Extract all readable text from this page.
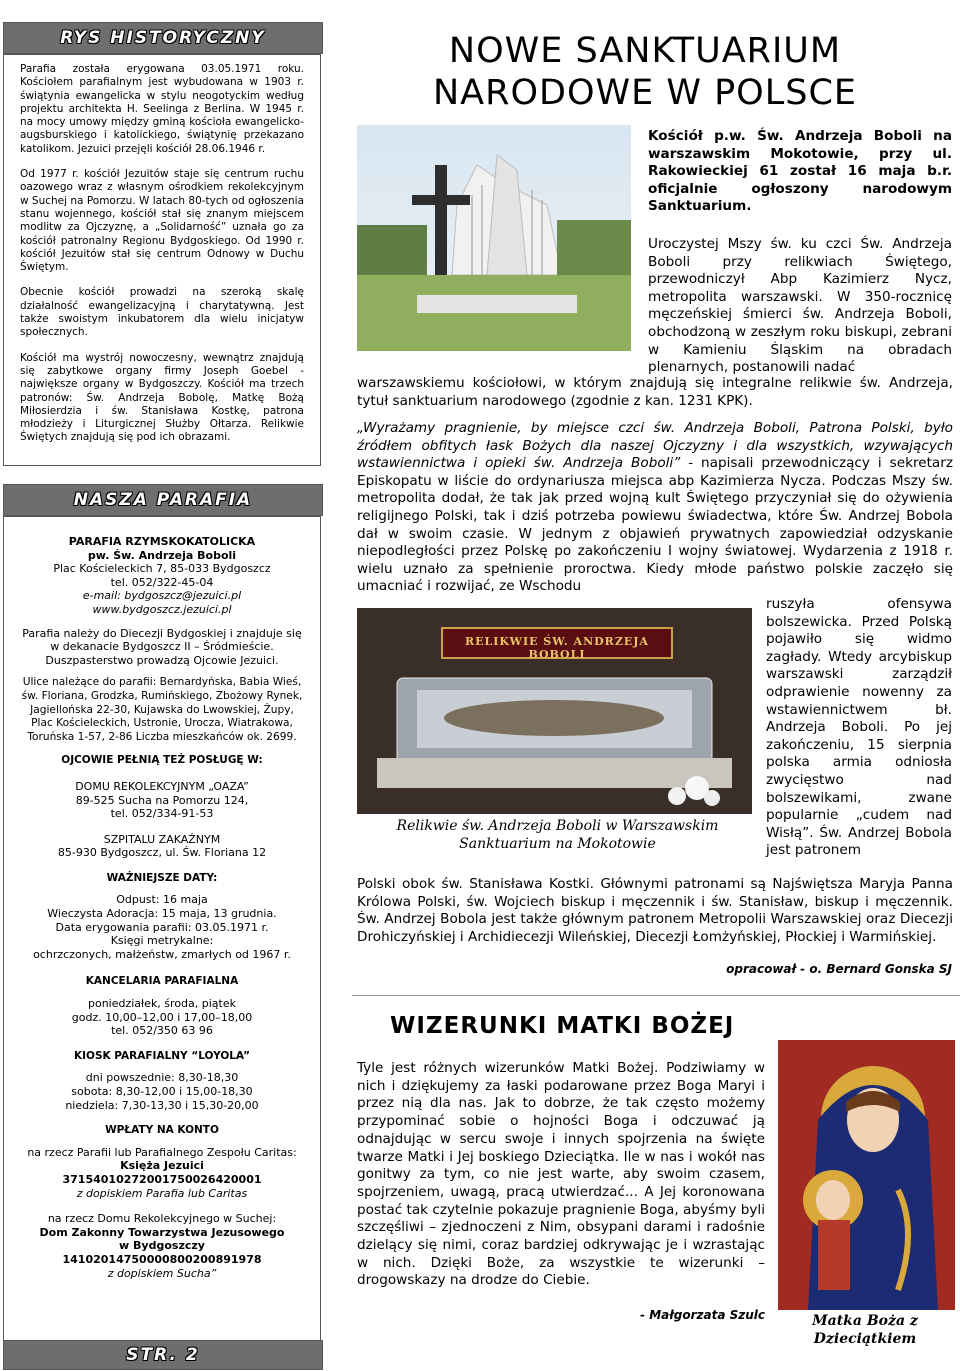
RYS HISTORYCZNY

Parafia została erygowana 03.05.1971 roku. Kościołem parafialnym jest wybudowana w 1903 r. świątynia ewangelicka w stylu neogotyckim według projektu architekta H. Seelinga z Berlina. W 1945 r. na mocy umowy między gminą kościoła ewangelicko-augsburskiego i katolickiego, świątynię przekazano katolikom. Jezuici przejęli kościół 28.06.1946 r.

Od 1977 r. kościół Jezuitów staje się centrum ruchu oazowego wraz z własnym ośrodkiem rekolekcyjnym w Suchej na Pomorzu. W latach 80-tych od ogłoszenia stanu wojennego, kościół stał się znanym miejscem modlitw za Ojczyznę, a „Solidarność” uznała go za kościół patronalny Regionu Bydgoskiego. Od 1990 r. kościół Jezuitów stał się centrum Odnowy w Duchu Świętym.

Obecnie kościół prowadzi na szeroką skalę działalność ewangelizacyjną i charytatywną. Jest także swoistym inkubatorem dla wielu inicjatyw społecznych.

Kościół ma wystrój nowoczesny, wewnątrz znajdują się zabytkowe organy firmy Joseph Goebel - największe organy w Bydgoszczy. Kościół ma trzech patronów: Św. Andrzeja Bobolę, Matkę Bożą Miłosierdzia i św. Stanisława Kostkę, patrona młodzieży i Liturgicznej Służby Ołtarza. Relikwie Świętych znajdują się pod ich obrazami.

NASZA PARAFIA
PARAFIA RZYMSKOKATOLICKA
pw. Św. Andrzeja Boboli
Plac Kościeleckich 7, 85-033 Bydgoszcz
tel. 052/322-45-04
e-mail: bydgoszcz@jezuici.pl
www.bydgoszcz.jezuici.pl

Parafia należy do Diecezji Bydgoskiej i znajduje się w dekanacie Bydgoszcz II – Śródmieście. Duszpasterstwo prowadzą Ojcowie Jezuici.

Ulice należące do parafii: Bernardyńska, Babia Wieś, św. Floriana, Grodzka, Rumińskiego, Zbożowy Rynek, Jagiellońska 22-30, Kujawska do Lwowskiej, Żupy, Plac Kościeleckich, Ustronie, Urocza, Wiatrakowa, Toruńska 1-57, 2-86 Liczba mieszkańców ok. 2699.

OJCOWIE PEŁNIĄ TEŻ POSŁUGĘ W:
DOMU REKOLEKCYJNYM „OAZA”
89-525 Sucha na Pomorzu 124,
tel. 052/334-91-53
SZPITALU ZAKAŹNYM
85-930 Bydgoszcz, ul. Św. Floriana 12
WAŻNIEJSZE DATY:
Odpust: 16 maja
Wieczysta Adoracja: 15 maja, 13 grudnia.
Data erygowania parafii: 03.05.1971 r.
Księgi metrykalne:
ochrzczonych, małżeństw, zmarłych od 1967 r.
KANCELARIA PARAFIALNA
poniedziałek, środa, piątek
godz. 10,00–12,00 i 17,00–18,00
tel. 052/350 63 96
KIOSK PARAFIALNY “LOYOLA”
dni powszednie: 8,30-18,30
sobota: 8,30-12,00 i 15,00-18,30
niedziela: 7,30-13,30 i 15,30-20,00
WPŁATY NA KONTO
na rzecz Parafii lub Parafialnego Zespołu Caritas:
Księża Jezuici
37154010272001750026420001
z dopiskiem Parafia lub Caritas
na rzecz Domu Rekolekcyjnego w Suchej:
Dom Zakonny Towarzystwa Jezusowego
w Bydgoszczy
14102014750000800200891978
z dopiskiem Sucha”
STR. 2
NOWE SANKTUARIUM
NARODOWE W POLSCE
Kościół p.w. Św. Andrzeja Boboli na warszawskim Mokotowie, przy ul. Rakowieckiej 61 został 16 maja b.r. oficjalnie ogłoszony narodowym Sanktuarium.
Uroczystej Mszy św. ku czci Św. Andrzeja Boboli przy relikwiach Świętego, przewodniczył Abp Kazimierz Nycz, metropolita warszawski. W 350-rocznicę męczeńskiej śmierci św. Andrzeja Boboli, obchodzoną w zeszłym roku biskupi, zebrani w Kamieniu Śląskim na obradach plenarnych, postanowili nadać
warszawskiemu kościołowi, w którym znajdują się integralne relikwie św. Andrzeja, tytuł sanktuarium narodowego (zgodnie z kan. 1231 KPK).
„Wyrażamy pragnienie, by miejsce czci św. Andrzeja Boboli, Patrona Polski, było źródłem obfitych łask Bożych dla naszej Ojczyzny i dla wszystkich, wzywających wstawiennictwa i opieki św. Andrzeja Boboli” - napisali przewodniczący i sekretarz Episkopatu w liście do ordynariusza miejsca abp Kazimierza Nycza. Podczas Mszy św. metropolita dodał, że tak jak przed wojną kult Świętego przyczyniał się do ożywienia religijnego Polski, tak i dziś potrzeba powiewu świadectwa, które Św. Andrzej Bobola dał w swoim czasie. W jednym z objawień prywatnych zapowiedział odzyskanie niepodległości przez Polskę po zakończeniu I wojny światowej. Wydarzenia z 1918 r. wielu uznało za spełnienie proroctwa. Kiedy młode państwo polskie zaczęło się umacniać i rozwijać, ze Wschodu
RELIKWIE ŚW. ANDRZEJA BOBOLI
Relikwie św. Andrzeja Boboli w Warszawskim Sanktuarium na Mokotowie
ruszyła ofensywa bolszewicka. Przed Polską pojawiło się widmo zagłady. Wtedy arcybiskup warszawski zarządził odprawienie nowenny za wstawiennictwem bł. Andrzeja Boboli. Po jej zakończeniu, 15 sierpnia polska armia odniosła zwycięstwo nad bolszewikami, zwane popularnie „cudem nad Wisłą”. Św. Andrzej Bobola jest patronem
Polski obok św. Stanisława Kostki. Głównymi patronami są Najświętsza Maryja Panna Królowa Polski, św. Wojciech biskup i męczennik i św. Stanisław, biskup i męczennik. Św. Andrzej Bobola jest także głównym patronem Metropolii Warszawskiej oraz Diecezji Drohiczyńskiej i Archidiecezji Wileńskiej, Diecezji Łomżyńskiej, Płockiej i Warmińskiej.
opracował - o. Bernard Gonska SJ
WIZERUNKI MATKI BOŻEJ
Tyle jest różnych wizerunków Matki Bożej. Podziwiamy w nich i dziękujemy za łaski podarowane przez Boga Maryi i przez nią dla nas. Jak to dobrze, że tak często możemy przypominać sobie o hojności Boga i odczuwać ją odnajdując w sercu swoje i innych spojrzenia na święte twarze Matki i Jej boskiego Dzieciątka. Ile w nas i wokół nas gonitwy za tym, co nie jest warte, aby swoim czasem, spojrzeniem, uwagą, pracą utwierdzać... A Jej koronowana postać tak czytelnie pokazuje pragnienie Boga, abyśmy byli szczęśliwi – zjednoczeni z Nim, obsypani darami i radośnie dzielący się nimi, coraz bardziej odkrywając je i wzrastając w nich. Dzięki Boże, za wszystkie te wizerunki – drogowskazy na drodze do Ciebie.
- Małgorzata Szulc	Matka Boża z Dzieciątkiem
